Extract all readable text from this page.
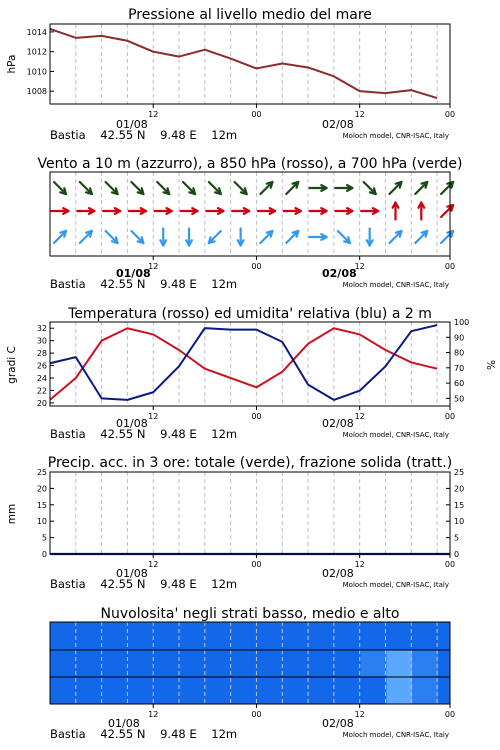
Pressione al livello medio del mare
hPa
1008
1010
1012
1014
12	00	12	00
01/08	02/08
Bastia    42.55 N    9.48 E    12m	Moloch model, CNR-ISAC, Italy
Vento a 10 m (azzurro), a 850 hPa (rosso), a 700 hPa (verde)
12	00	12	00
01/08	02/08
Bastia    42.55 N    9.48 E    12m	Moloch model, CNR-ISAC, Italy
Temperatura (rosso) ed umidita' relativa (blu) a 2 m
gradi C	%
20
22
24
26
28
30
32
50
60
70
80
90
100
12	00	12	00
01/08	02/08
Bastia    42.55 N    9.48 E    12m	Moloch model, CNR-ISAC, Italy
Precip. acc. in 3 ore: totale (verde), frazione solida (tratt.)
mm
0
5
10
15
20
25
0
5
10
15
20
25
12	00	12	00
01/08	02/08
Bastia    42.55 N    9.48 E    12m	Moloch model, CNR-ISAC, Italy
Nuvolosita' negli strati basso, medio e alto
12	00	12	00
01/08	02/08
Bastia    42.55 N    9.48 E    12m	Moloch model, CNR-ISAC, Italy
